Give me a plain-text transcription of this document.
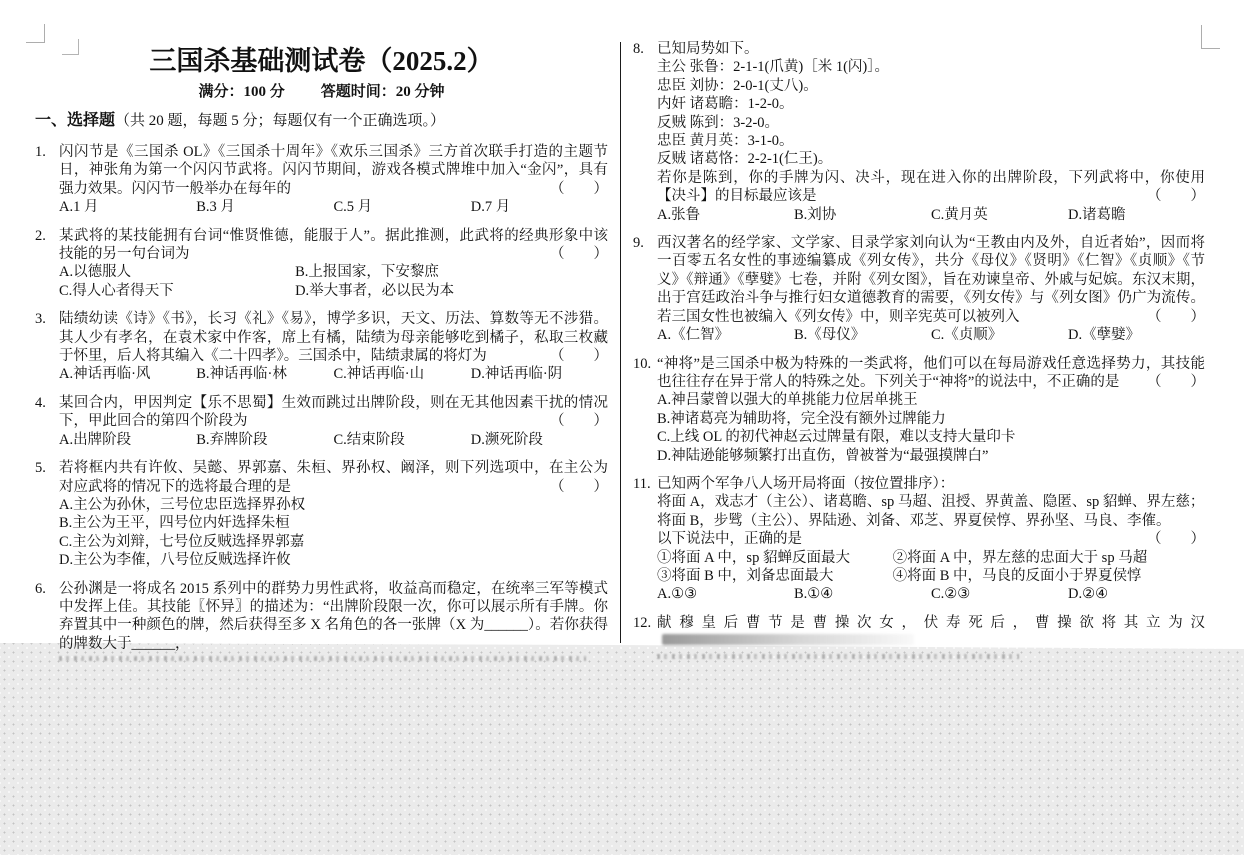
三国杀基础测试卷（2025.2）
满分：100 分 答题时间：20 分钟
一、选择题（共 20 题，每题 5 分；每题仅有一个正确选项。）
1. 闪闪节是《三国杀 OL》《三国杀十周年》《欢乐三国杀》三方首次联手打造的主题节日，神张角为第一个闪闪节武将。闪闪节期间，游戏各模式牌堆中加入“金闪”，具有强力效果。闪闪节一般举办在每年的	（　　）
A.1 月	B.3 月	C.5 月	D.7 月
2. 某武将的某技能拥有台词“惟贤惟德，能服于人”。据此推测，此武将的经典形象中该技能的另一句台词为	（　　）
A.以德服人	B.上报国家，下安黎庶
C.得人心者得天下	D.举大事者，必以民为本
3. 陆绩幼读《诗》《书》，长习《礼》《易》，博学多识，天文、历法、算数等无不涉猎。其人少有孝名，在袁术家中作客，席上有橘，陆绩为母亲能够吃到橘子，私取三枚藏于怀里，后人将其编入《二十四孝》。三国杀中，陆绩隶属的将灯为	（　　）
A.神话再临·风	B.神话再临·林	C.神话再临·山	D.神话再临·阴
4. 某回合内，甲因判定【乐不思蜀】生效而跳过出牌阶段，则在无其他因素干扰的情况下，甲此回合的第四个阶段为	（　　）
A.出牌阶段	B.弃牌阶段	C.结束阶段	D.濒死阶段
5. 若将框内共有许攸、吴懿、界郭嘉、朱桓、界孙权、阚泽，则下列选项中，在主公为对应武将的情况下的选将最合理的是	（　　）
A.主公为孙休，三号位忠臣选择界孙权
B.主公为王平，四号位内奸选择朱桓
C.主公为刘辩，七号位反贼选择界郭嘉
D.主公为李傕，八号位反贼选择许攸
6. 公孙渊是一将成名 2015 系列中的群势力男性武将，收益高而稳定，在统率三军等模式中发挥上佳。其技能〖怀异〗的描述为：“出牌阶段限一次，你可以展示所有手牌。你弃置其中一种颜色的牌，然后获得至多 X 名角色的各一张牌（X 为______）。若你获得的牌数大于______，
8. 已知局势如下。
主公 张鲁：2-1-1(爪黄)［米 1(闪)］。
忠臣 刘协：2-0-1(丈八)。
内奸 诸葛瞻：1-2-0。
反贼 陈到：3-2-0。
忠臣 黄月英：3-1-0。
反贼 诸葛恪：2-2-1(仁王)。
若你是陈到，你的手牌为闪、决斗，现在进入你的出牌阶段，下列武将中，你使用【决斗】的目标最应该是	（　　）
A.张鲁	B.刘协	C.黄月英	D.诸葛瞻
9. 西汉著名的经学家、文学家、目录学家刘向认为“王教由内及外，自近者始”，因而将一百零五名女性的事迹编纂成《列女传》，共分《母仪》《贤明》《仁智》《贞顺》《节义》《辩通》《孽嬖》七卷，并附《列女图》，旨在劝谏皇帝、外戚与妃嫔。东汉末期，出于宫廷政治斗争与推行妇女道德教育的需要，《列女传》与《列女图》仍广为流传。若三国女性也被编入《列女传》中，则辛宪英可以被列入	（　　）
A.《仁智》	B.《母仪》	C.《贞顺》	D.《孽嬖》
10. “神将”是三国杀中极为特殊的一类武将，他们可以在每局游戏任意选择势力，其技能也往往存在异于常人的特殊之处。下列关于“神将”的说法中，不正确的是	（　　）
A.神吕蒙曾以强大的单挑能力位居单挑王
B.神诸葛亮为辅助将，完全没有额外过牌能力
C.上线 OL 的初代神赵云过牌量有限，难以支持大量印卡
D.神陆逊能够频繁打出直伤，曾被誉为“最强摸牌白”
11. 已知两个军争八人场开局将面（按位置排序）：
将面 A，戏志才（主公）、诸葛瞻、sp 马超、沮授、界黄盖、隐匿、sp 貂蝉、界左慈；
将面 B，步骘（主公）、界陆逊、刘备、邓芝、界夏侯惇、界孙坚、马良、李傕。
以下说法中，正确的是	（　　）
①将面 A 中，sp 貂蝉反面最大	②将面 A 中，界左慈的忠面大于 sp 马超
③将面 B 中，刘备忠面最大	④将面 B 中，马良的反面小于界夏侯惇
A.①③	B.①④	C.②③	D.②④
12. 献穆皇后曹节是曹操次女，伏寿死后，曹操欲将其立为汉
